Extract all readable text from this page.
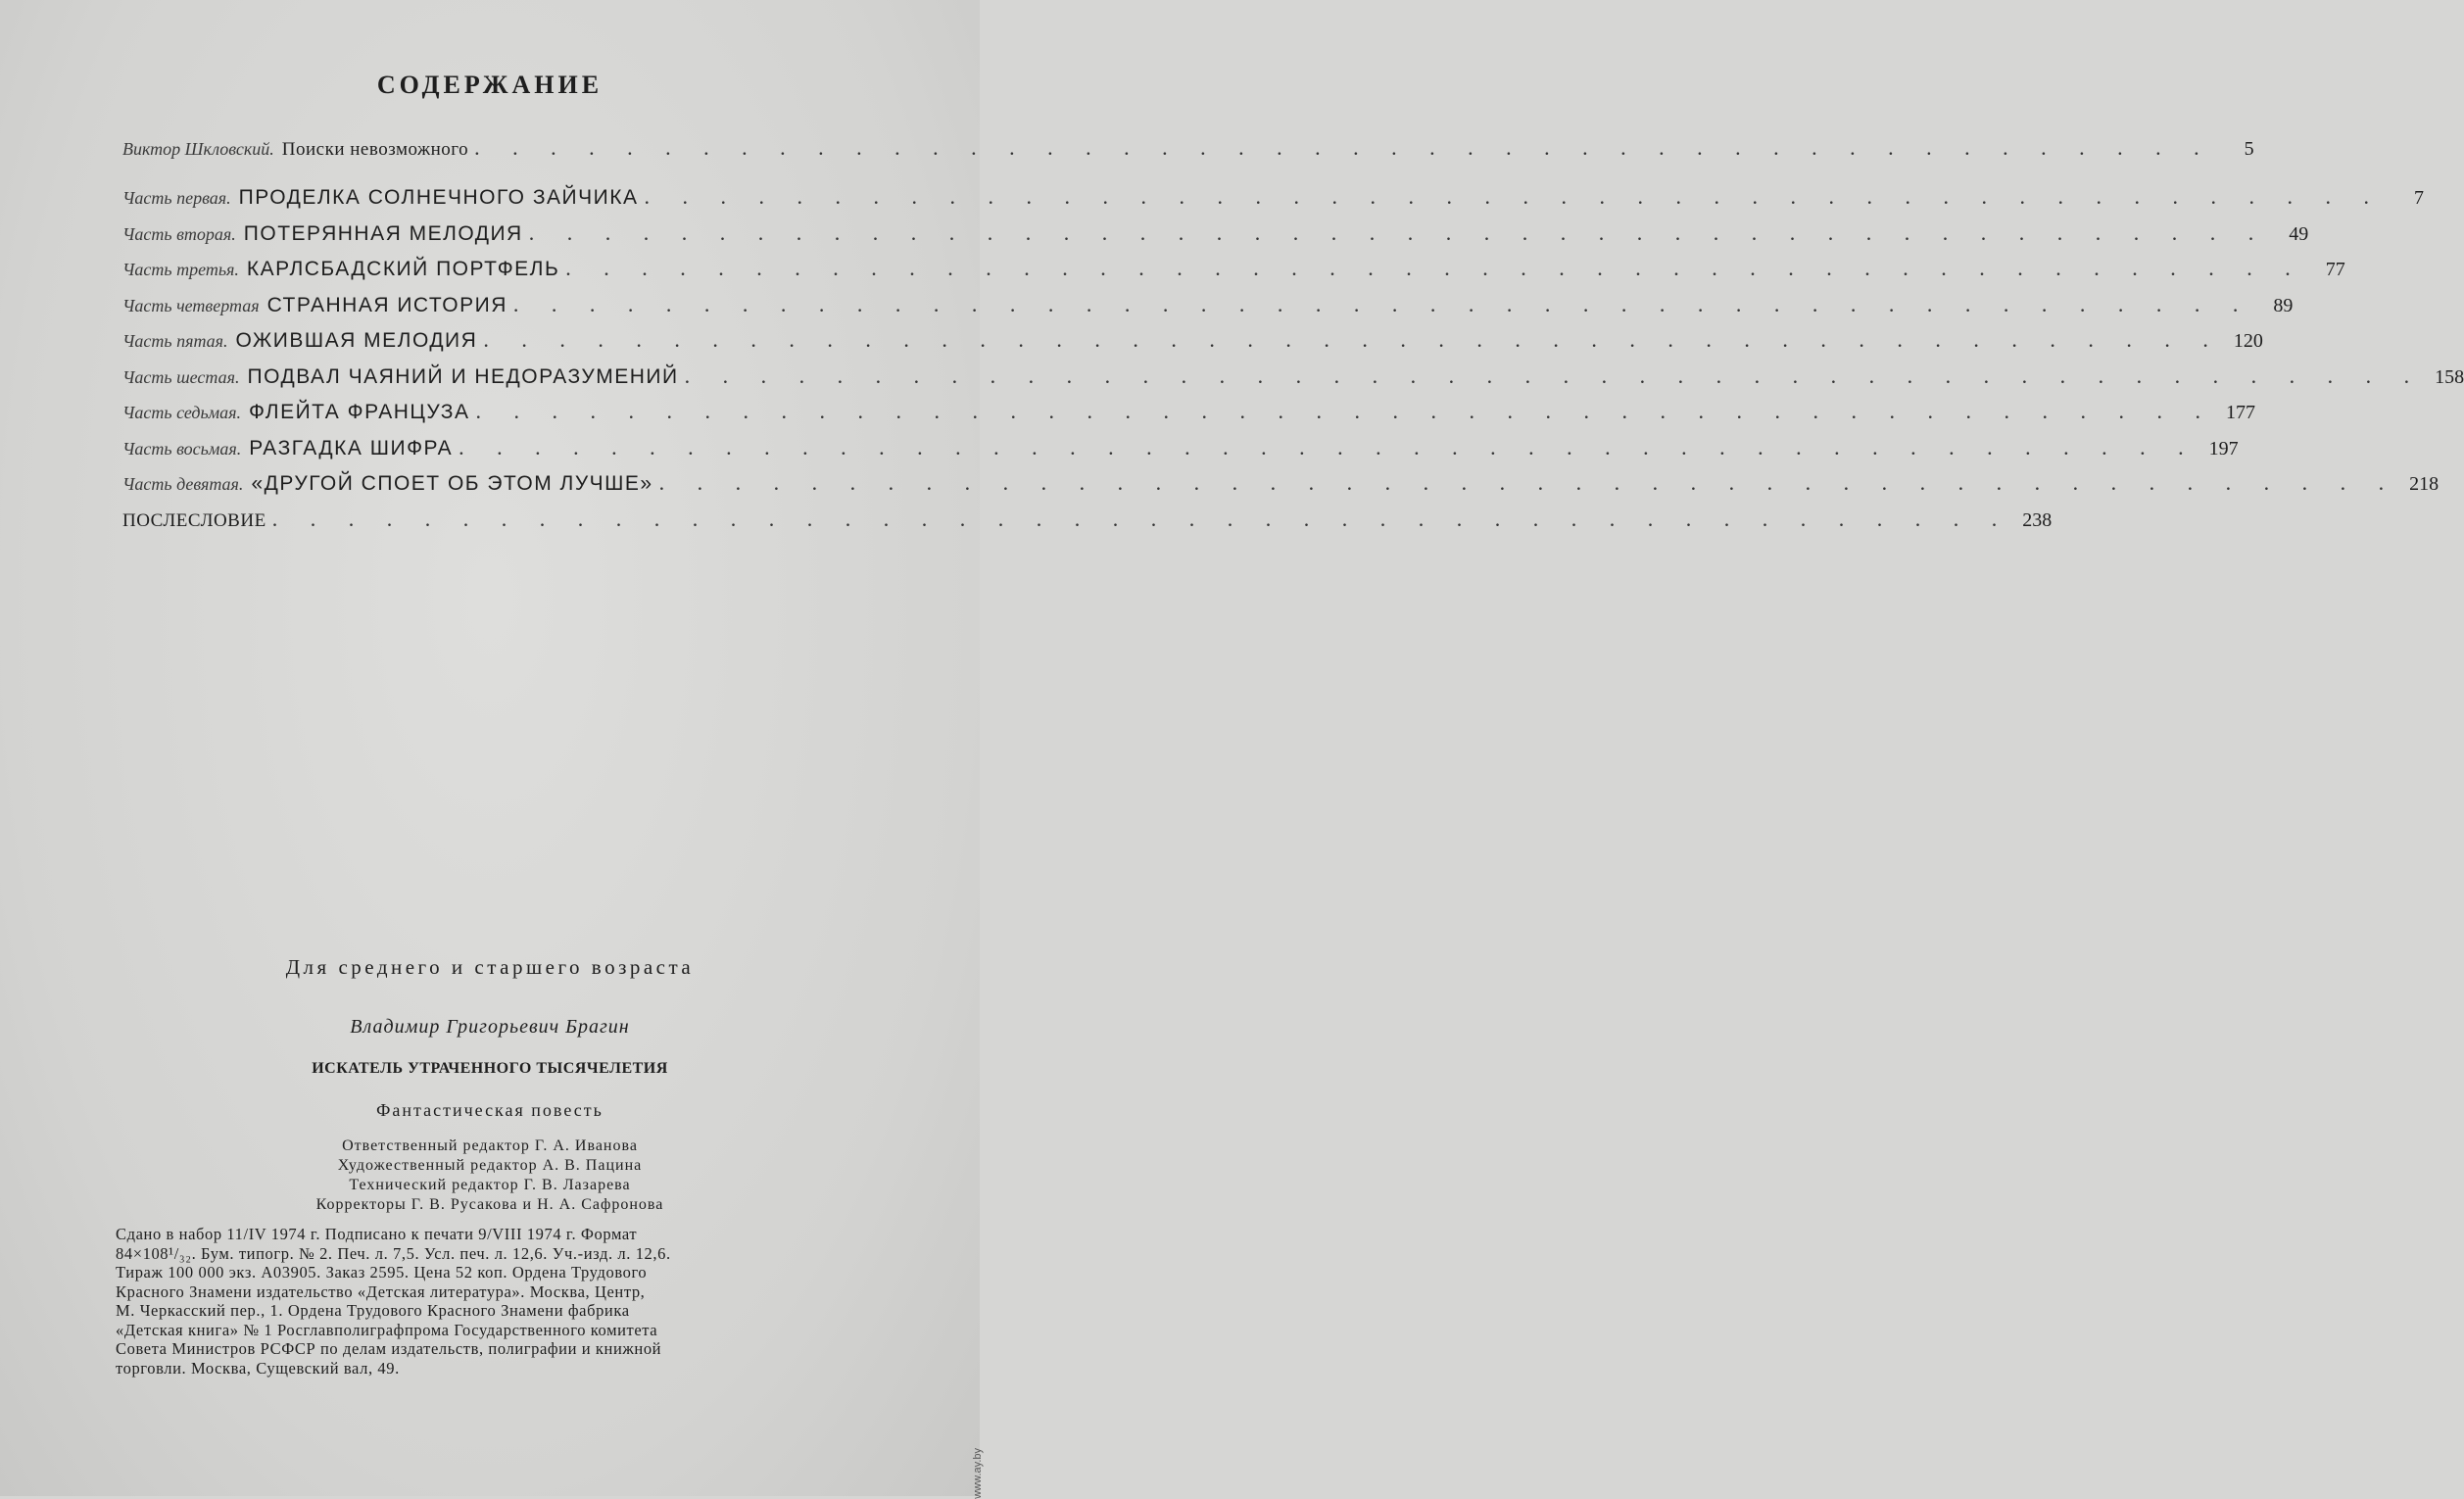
СОДЕРЖАНИЕ
Виктор Шкловский. Поиски невозможного . . .	5
Часть первая. ПРОДЕЛКА СОЛНЕЧНОГО ЗАЙЧИКА . . .	7
Часть вторая. ПОТЕРЯННАЯ МЕЛОДИЯ . . .	49
Часть третья. КАРЛСБАДСКИЙ ПОРТФЕЛЬ . . .	77
Часть четвертая СТРАННАЯ ИСТОРИЯ . . .	89
Часть пятая. ОЖИВШАЯ МЕЛОДИЯ . . .	120
Часть шестая. ПОДВАЛ ЧАЯНИЙ И НЕДОРАЗУМЕНИЙ . . .	158
Часть седьмая. ФЛЕЙТА ФРАНЦУЗА . . .	177
Часть восьмая. РАЗГАДКА ШИФРА . . .	197
Часть девятая. «ДРУГОЙ СПОЕТ ОБ ЭТОМ ЛУЧШЕ» . . .	218
ПОСЛЕСЛОВИЕ . . .	238
Для среднего и старшего возраста
Владимир Григорьевич Брагин
ИСКАТЕЛЬ УТРАЧЕННОГО ТЫСЯЧЕЛЕТИЯ
Фантастическая повесть
Ответственный редактор Г. А. Иванова
Художественный редактор А. В. Пацина
Технический редактор Г. В. Лазарева
Корректоры Г. В. Русакова и Н. А. Сафронова
Сдано в набор 11/IV 1974 г. Подписано к печати 9/VIII 1974 г. Формат
84×108¹/₃₂. Бум. типогр. № 2. Печ. л. 7,5. Усл. печ. л. 12,6. Уч.-изд. л. 12,6.
Тираж 100 000 экз. А03905. Заказ 2595. Цена 52 коп. Ордена Трудового
Красного Знамени издательство «Детская литература». Москва, Центр,
М. Черкасский пер., 1. Ордена Трудового Красного Знамени фабрика
«Детская книга» № 1 Росглавполиграфпрома Государственного комитета
Совета Министров РСФСР по делам издательств, полиграфии и книжной
торговли. Москва, Сущевский вал, 49.
www.ay.by
